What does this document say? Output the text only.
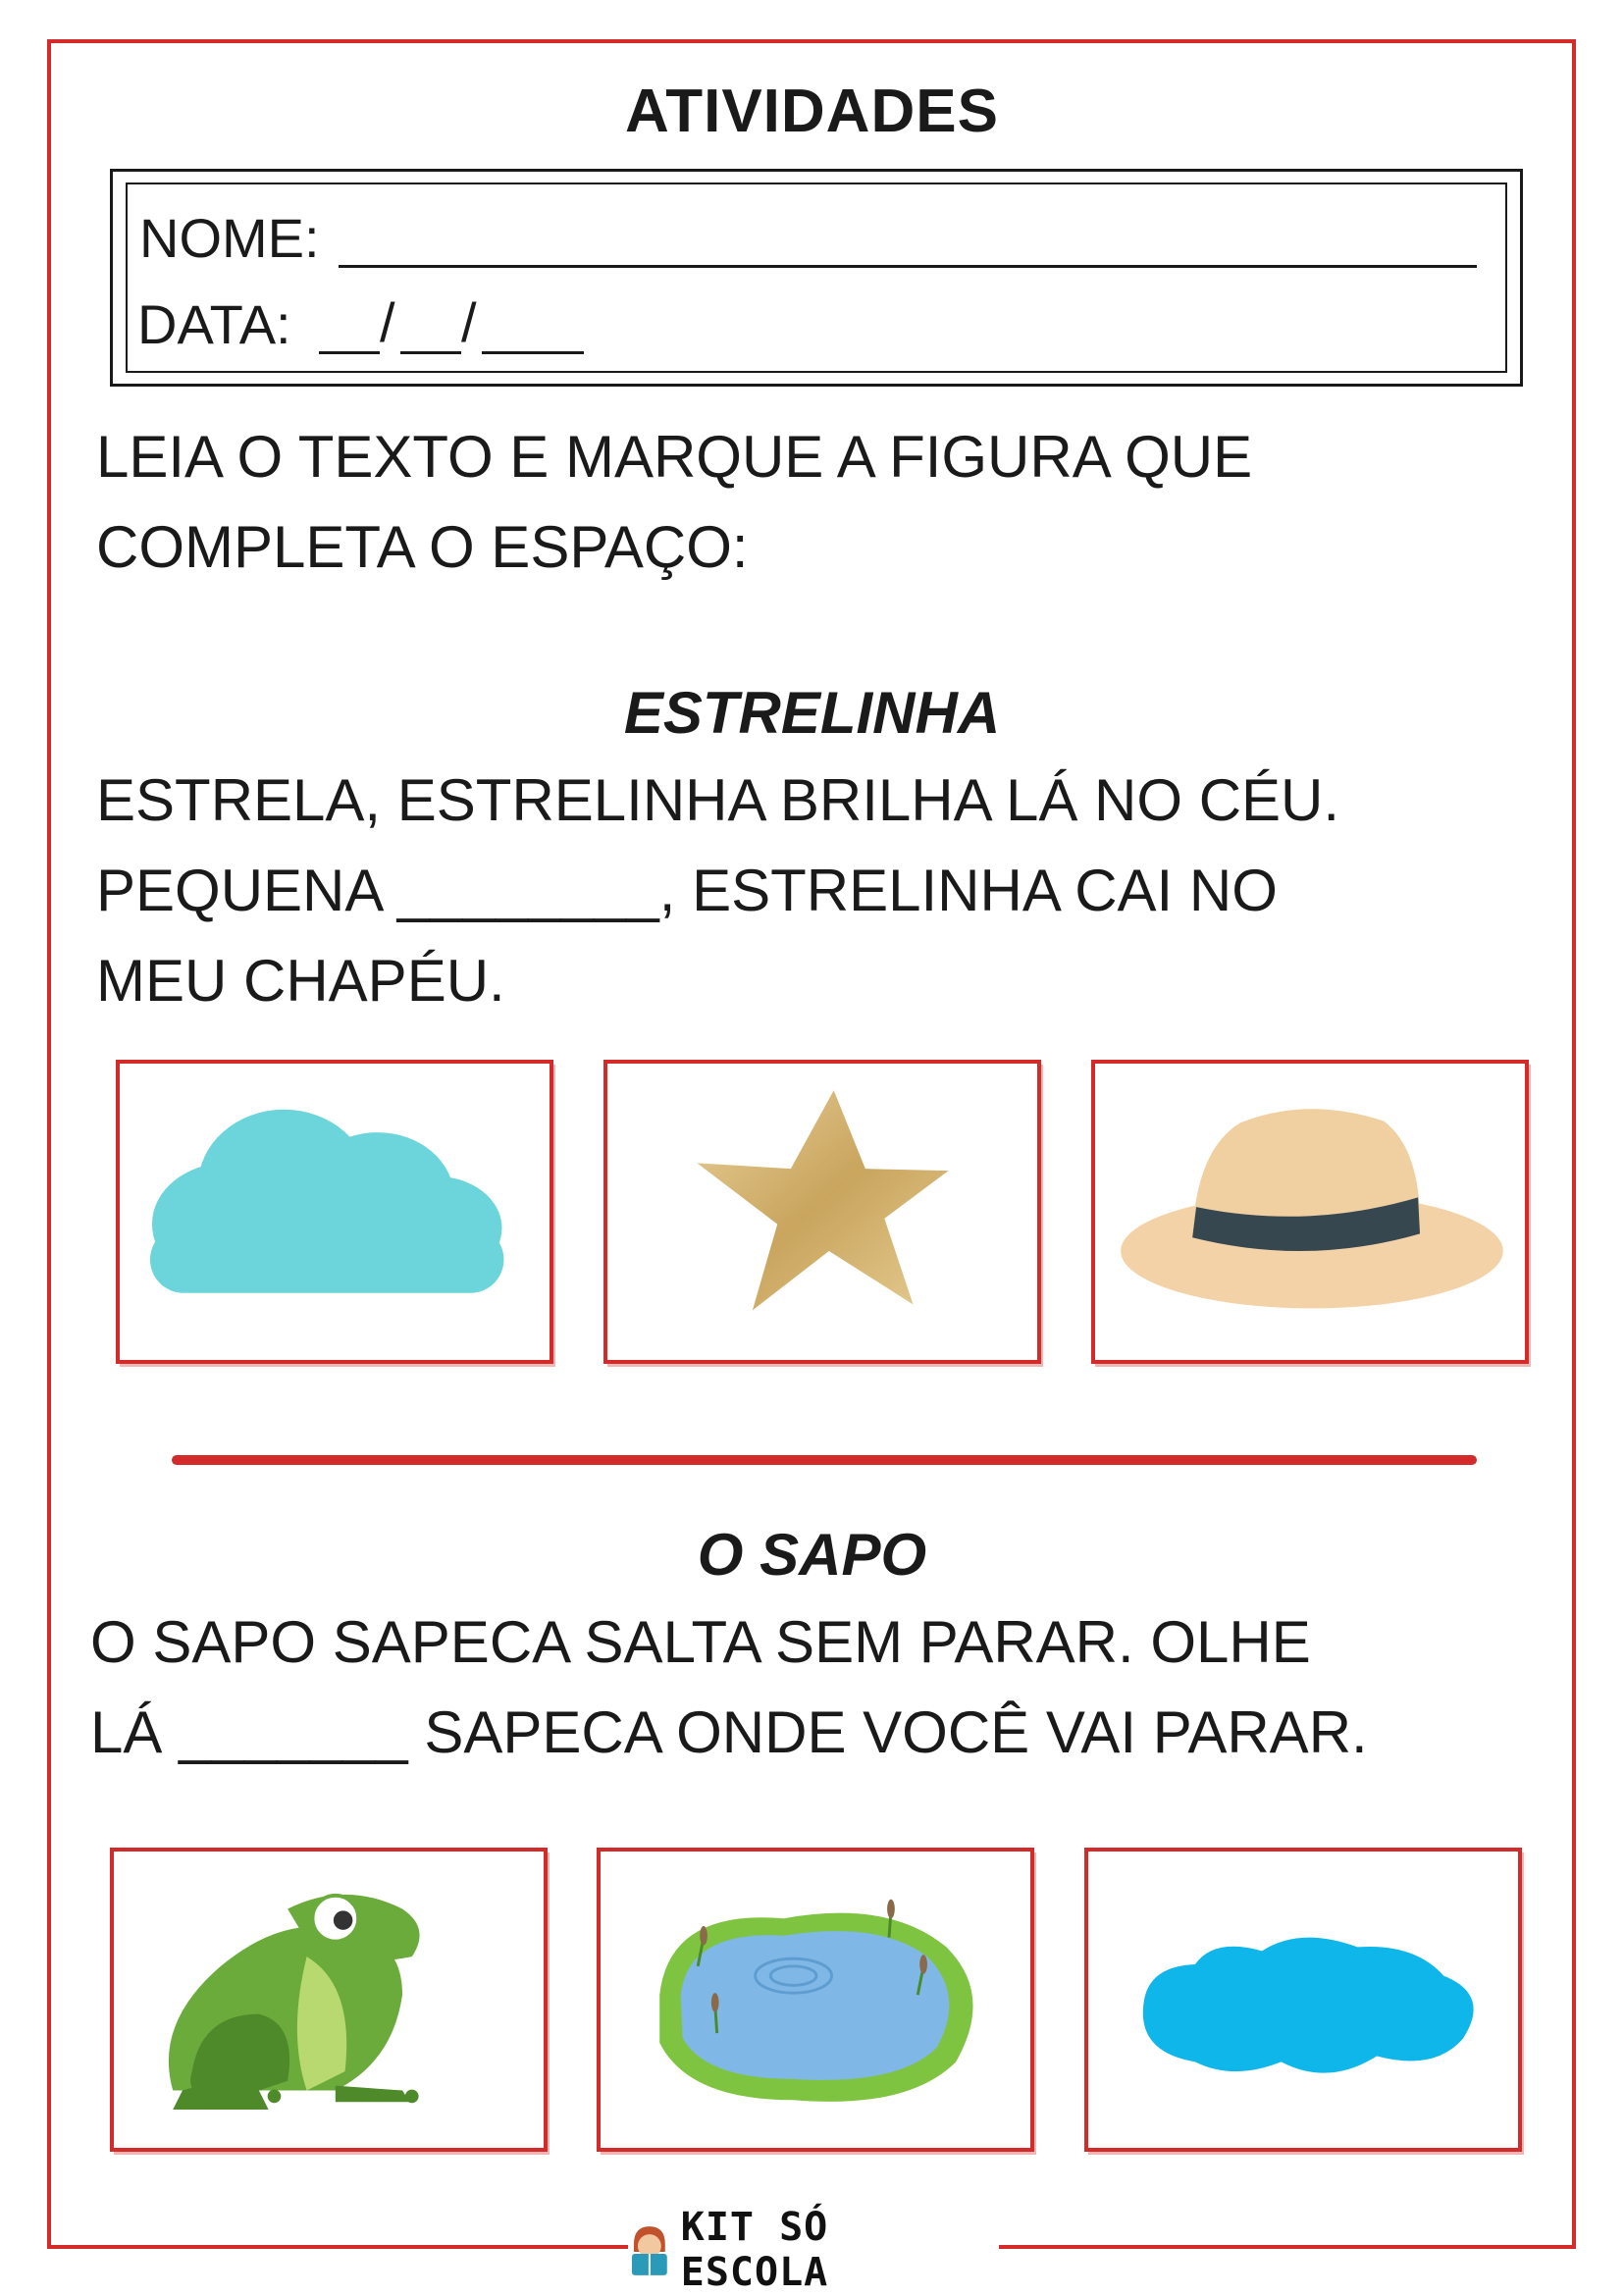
ATIVIDADES
NOME:
DATA: / /
LEIA O TEXTO E MARQUE A FIGURA QUE COMPLETA O ESPAÇO:
ESTRELINHA
ESTRELA, ESTRELINHA BRILHA LÁ NO CÉU.
PEQUENA ________, ESTRELINHA CAI NO
MEU CHAPÉU.
O SAPO
O SAPO SAPECA SALTA SEM PARAR. OLHE
LÁ _______ SAPECA ONDE VOCÊ VAI PARAR.
KIT SÓ ESCOLA
